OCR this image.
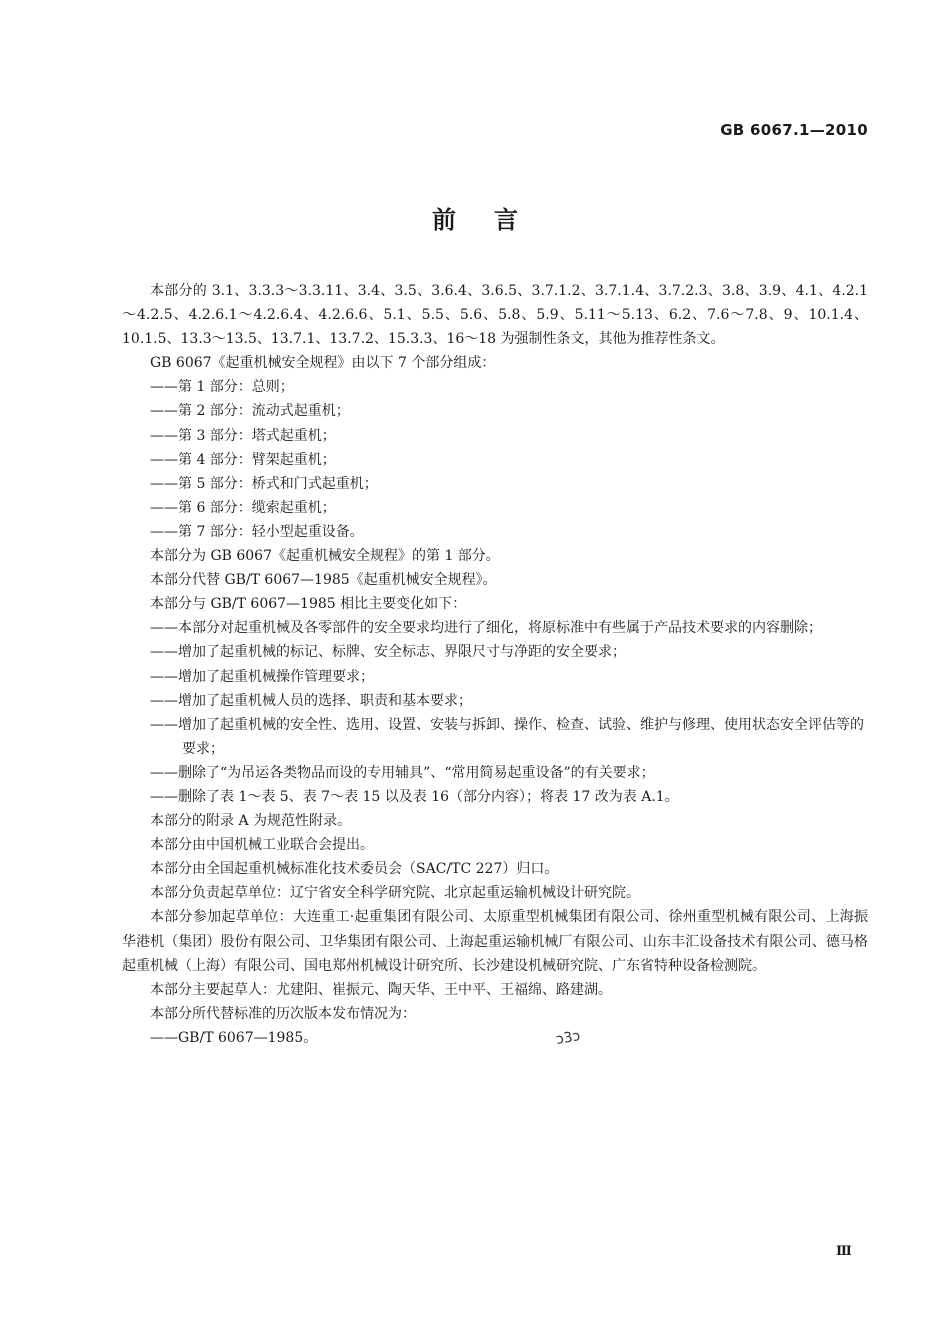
GB 6067.1—2010
前言

本部分的 3.1、3.3.3～3.3.11、3.4、3.5、3.6.4、3.6.5、3.7.1.2、3.7.1.4、3.7.2.3、3.8、3.9、4.1、4.2.1～4.2.5、4.2.6.1～4.2.6.4、4.2.6.6、5.1、5.5、5.6、5.8、5.9、5.11～5.13、6.2、7.6～7.8、9、10.1.4、10.1.5、13.3～13.5、13.7.1、13.7.2、15.3.3、16～18 为强制性条文，其他为推荐性条文。

GB 6067《起重机械安全规程》由以下 7 个部分组成：

——第 1 部分：总则；

——第 2 部分：流动式起重机；

——第 3 部分：塔式起重机；

——第 4 部分：臂架起重机；

——第 5 部分：桥式和门式起重机；

——第 6 部分：缆索起重机；

——第 7 部分：轻小型起重设备。

本部分为 GB 6067《起重机械安全规程》的第 1 部分。

本部分代替 GB/T 6067—1985《起重机械安全规程》。

本部分与 GB/T 6067—1985 相比主要变化如下：

——本部分对起重机械及各零部件的安全要求均进行了细化，将原标准中有些属于产品技术要求的内容删除；

——增加了起重机械的标记、标牌、安全标志、界限尺寸与净距的安全要求；

——增加了起重机械操作管理要求；

——增加了起重机械人员的选择、职责和基本要求；

——增加了起重机械的安全性、选用、设置、安装与拆卸、操作、检查、试验、维护与修理、使用状态安全评估等的要求；

——删除了“为吊运各类物品而设的专用辅具”、“常用简易起重设备”的有关要求；

——删除了表 1～表 5、表 7～表 15 以及表 16（部分内容）；将表 17 改为表 A.1。

本部分的附录 A 为规范性附录。

本部分由中国机械工业联合会提出。

本部分由全国起重机械标准化技术委员会（SAC/TC 227）归口。

本部分负责起草单位：辽宁省安全科学研究院、北京起重运输机械设计研究院。

本部分参加起草单位：大连重工·起重集团有限公司、太原重型机械集团有限公司、徐州重型机械有限公司、上海振华港机（集团）股份有限公司、卫华集团有限公司、上海起重运输机械厂有限公司、山东丰汇设备技术有限公司、德马格起重机械（上海）有限公司、国电郑州机械设计研究所、长沙建设机械研究院、广东省特种设备检测院。

本部分主要起草人：尤建阳、崔振元、陶天华、王中平、王福绵、路建湖。

本部分所代替标准的历次版本发布情况为：

——GB/T 6067—1985。	ↄ3ↄ
Ⅲ
